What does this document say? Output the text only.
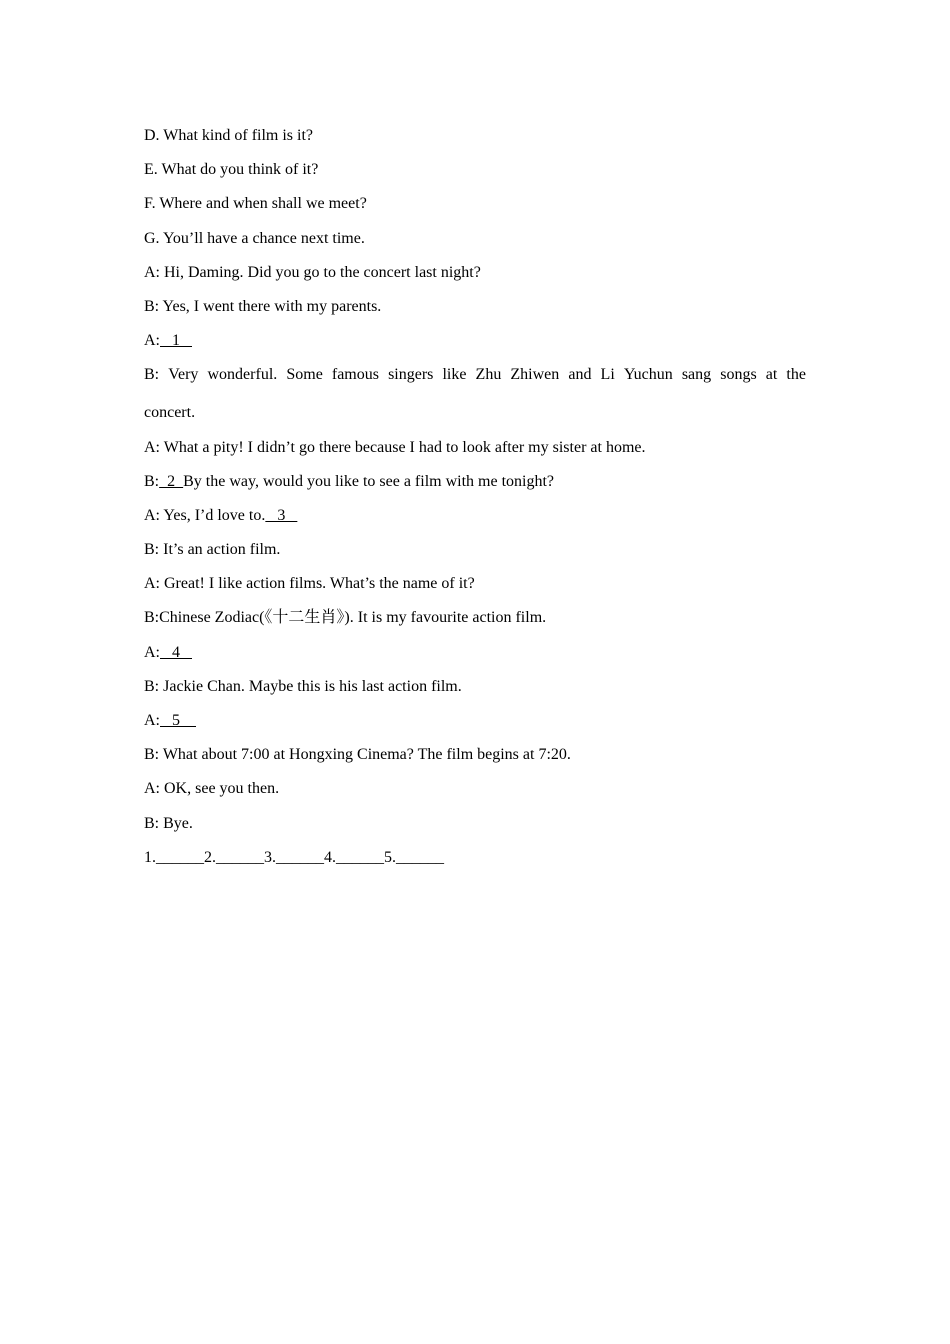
D. What kind of film is it?
E. What do you think of it?
F. Where and when shall we meet?
G. You’ll have a chance next time.
A: Hi, Daming. Did you go to the concert last night?
B: Yes, I went there with my parents.
A:   1
B: Very wonderful. Some famous singers like Zhu Zhiwen and Li Yuchun sang songs at the
concert.
A: What a pity! I didn’t go there because I had to look after my sister at home.
B:  2  By the way, would you like to see a film with me tonight?
A: Yes, I’d love to.   3
B: It’s an action film.
A: Great! I like action films. What’s the name of it?
B:Chinese Zodiac(《十二生肖》). It is my favourite action film.
A:   4
B: Jackie Chan. Maybe this is his last action film.
A:   5
B: What about 7:00 at Hongxing Cinema? The film begins at 7:20.
A: OK, see you then.
B: Bye.
1.______2.______3.______4.______5.______
